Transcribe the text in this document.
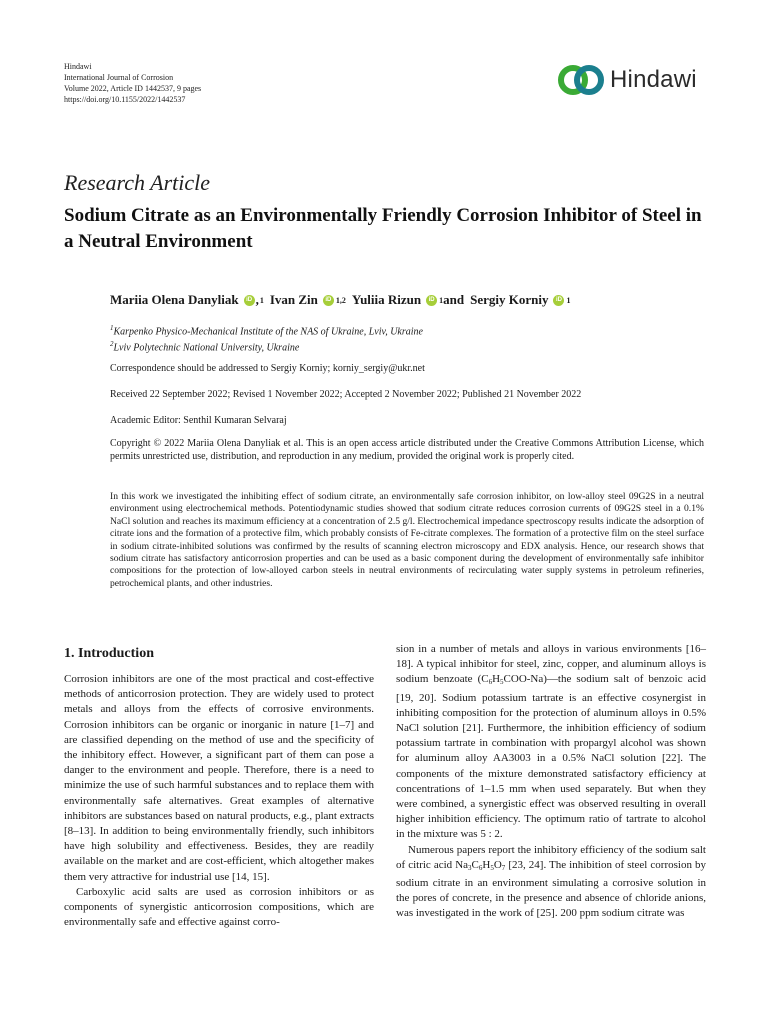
Hindawi
International Journal of Corrosion
Volume 2022, Article ID 1442537, 9 pages
https://doi.org/10.1155/2022/1442537
Hindawi
Research Article
Sodium Citrate as an Environmentally Friendly Corrosion Inhibitor of Steel in a Neutral Environment
Mariia Olena Danyliak	iD , 1 Ivan Zin	iD 1,2 Yuliia Rizun	iD 1 and Sergiy Korniy	iD 1
$^1$Karpenko Physico-Mechanical Institute of the NAS of Ukraine, Lviv, Ukraine
$^2$Lviv Polytechnic National University, Ukraine
Correspondence should be addressed to Sergiy Korniy; korniy_sergiy@ukr.net
Received 22 September 2022; Revised 1 November 2022; Accepted 2 November 2022; Published 21 November 2022
Academic Editor: Senthil Kumaran Selvaraj
Copyright © 2022 Mariia Olena Danyliak et al. This is an open access article distributed under the Creative Commons Attribution License, which permits unrestricted use, distribution, and reproduction in any medium, provided the original work is properly cited.
In this work we investigated the inhibiting effect of sodium citrate, an environmentally safe corrosion inhibitor, on low-alloy steel 09G2S in a neutral environment using electrochemical methods. Potentiodynamic studies showed that sodium citrate reduces corrosion currents of 09G2S steel in a 0.1% NaCl solution and reaches its maximum efficiency at a concentration of 2.5 g/l. Electrochemical impedance spectroscopy results indicate the adsorption of citrate ions and the formation of a protective film, which probably consists of Fe-citrate complexes. The formation of a protective film on the steel surface in sodium citrate-inhibited solutions was confirmed by the results of scanning electron microscopy and EDX analysis. Hence, our research shows that sodium citrate has satisfactory anticorrosion properties and can be used as a basic component during the development of environmentally safe inhibitor compositions for the protection of low-alloyed carbon steels in neutral environments of recirculating water supply systems in petroleum refineries, petrochemical plants, and other industries.
1. Introduction

Corrosion inhibitors are one of the most practical and cost-effective methods of anticorrosion protection. They are widely used to protect metals and alloys from the effects of corrosive environments. Corrosion inhibitors can be organic or inorganic in nature [1–7] and are classified depending on the method of use and the specificity of the inhibitory effect. However, a significant part of them can pose a danger to the environment and people. Therefore, there is a need to minimize the use of such harmful substances and to replace them with environmentally safe alternatives. Great examples of alternative inhibitors are substances based on natural products, e.g., plant extracts [8–13]. In addition to being environmentally friendly, such inhibitors have high solubility and effectiveness. Besides, they are readily available on the market and are cost-efficient, which altogether makes them very attractive for industrial use [14, 15].

Carboxylic acid salts are used as corrosion inhibitors or as components of synergistic anticorrosion compositions, which are environmentally safe and effective against corro-

sion in a number of metals and alloys in various environments [16–18]. A typical inhibitor for steel, zinc, copper, and aluminum alloys is sodium benzoate $(C_6H_5COO-Na)—the$ sodium salt of benzoic acid [19, 20]. Sodium potassium tartrate is an effective cosynergist in inhibiting composition for the protection of aluminum alloys in 0.5% NaCl solution [21]. Furthermore, the inhibition efficiency of sodium potassium tartrate in combination with propargyl alcohol was shown for aluminum alloy AA3003 in a 0.5% NaCl solution [22]. The components of the mixture demonstrated satisfactory efficiency at concentrations of 1–1.5 mm when used separately. But when they were combined, a synergistic effect was observed resulting in overall higher inhibition efficiency. The optimum ratio of tartrate to alcohol in the mixture was 5 : 2.

Numerous papers report the inhibitory efficiency of the sodium salt of citric acid $Na_3C_6H_5O_7$ [23, 24]. The inhibition of steel corrosion by sodium citrate in an environment simulating a corrosive solution in the pores of concrete, in the presence and absence of chloride anions, was investigated in the work of [25]. 200 ppm sodium citrate was
